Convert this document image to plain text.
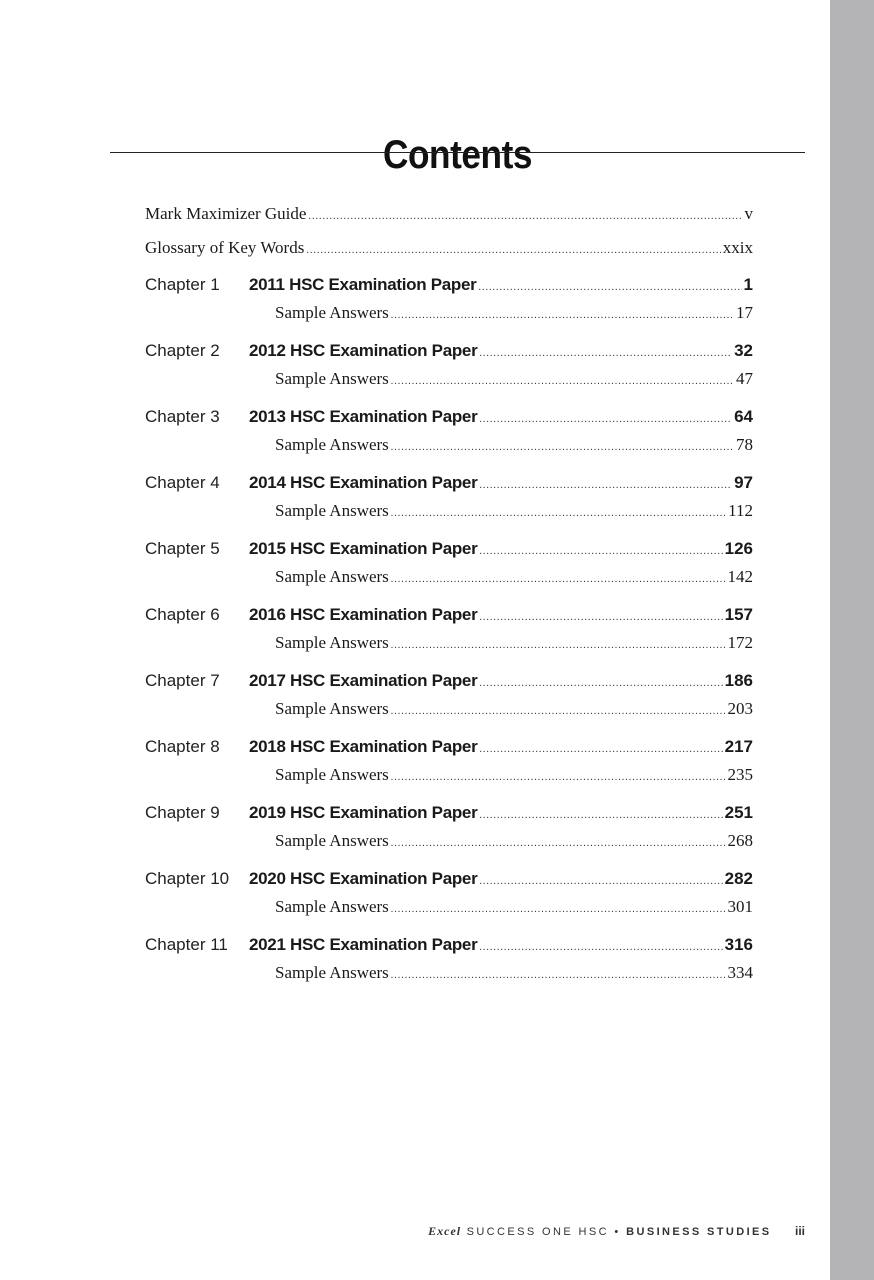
Contents
Mark Maximizer Guide .....	v
Glossary of Key Words .....	xxix
Chapter 1	2011 HSC Examination Paper .....	1
Sample Answers .....	17
Chapter 2	2012 HSC Examination Paper .....	32
Sample Answers .....	47
Chapter 3	2013 HSC Examination Paper .....	64
Sample Answers .....	78
Chapter 4	2014 HSC Examination Paper .....	97
Sample Answers .....	112
Chapter 5	2015 HSC Examination Paper .....	126
Sample Answers .....	142
Chapter 6	2016 HSC Examination Paper .....	157
Sample Answers .....	172
Chapter 7	2017 HSC Examination Paper .....	186
Sample Answers .....	203
Chapter 8	2018 HSC Examination Paper .....	217
Sample Answers .....	235
Chapter 9	2019 HSC Examination Paper .....	251
Sample Answers .....	268
Chapter 10	2020 HSC Examination Paper .....	282
Sample Answers .....	301
Chapter 11	2021 HSC Examination Paper .....	316
Sample Answers .....	334
Excel SUCCESS ONE HSC • BUSINESS STUDIES iii
